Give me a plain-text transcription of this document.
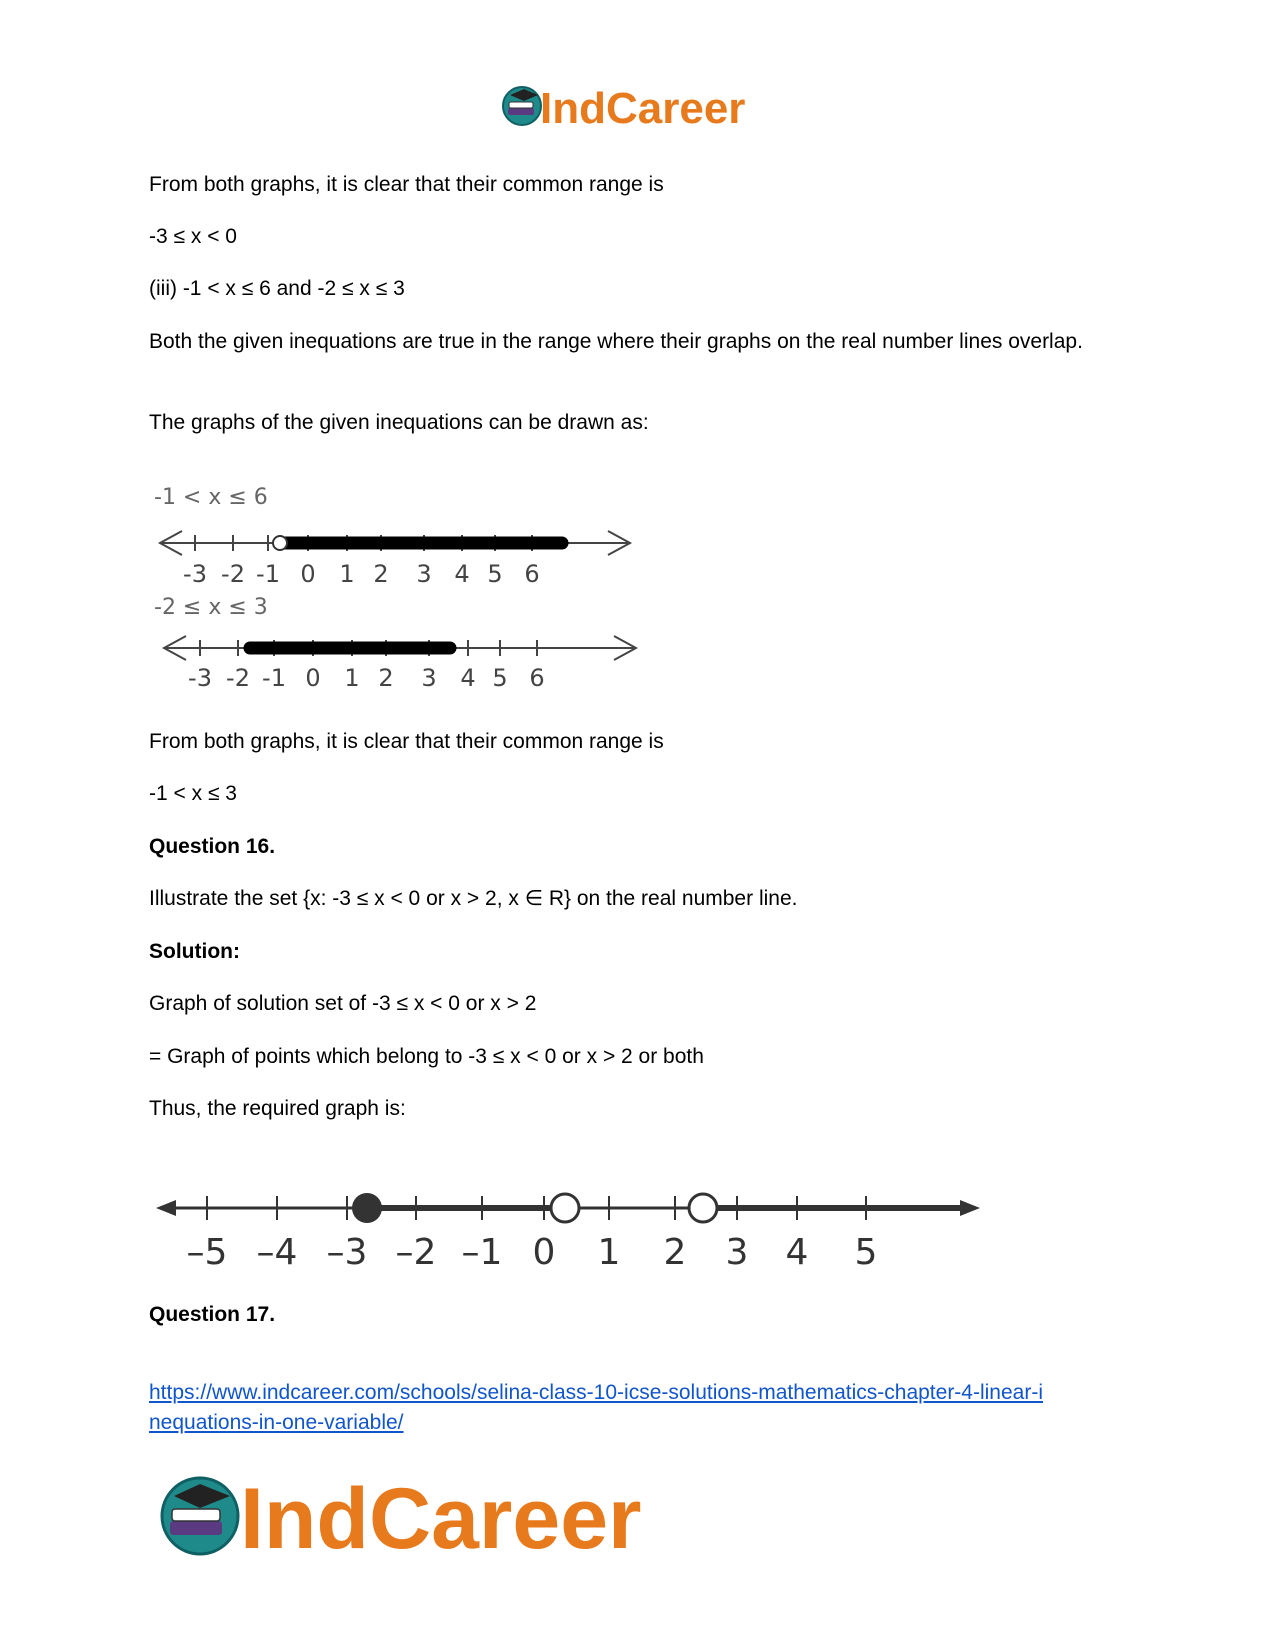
IndCareer

From both graphs, it is clear that their common range is

-3 ≤ x < 0

(iii) -1 < x ≤ 6 and -2 ≤ x ≤ 3

Both the given inequations are true in the range where their graphs on the real number lines overlap.

The graphs of the given inequations can be drawn as:

-1 < x ≤ 6
-3 -2 -1 0 1 2 3 4 5 6
-2 ≤ x ≤ 3
-3 -2 -1 0 1 2 3 4 5 6

From both graphs, it is clear that their common range is

-1 < x ≤ 3

Question 16.

Illustrate the set {x: -3 ≤ x < 0 or x > 2, x ∈ R} on the real number line.

Solution:

Graph of solution set of -3 ≤ x < 0 or x > 2

= Graph of points which belong to -3 ≤ x < 0 or x > 2 or both

Thus, the required graph is:

–5 –4 –3 –2 –1 0 1 2 3 4 5

Question 17.

https://www.indcareer.com/schools/selina-class-10-icse-solutions-mathematics-chapter-4-linear-i
nequations-in-one-variable/
IndCareer
